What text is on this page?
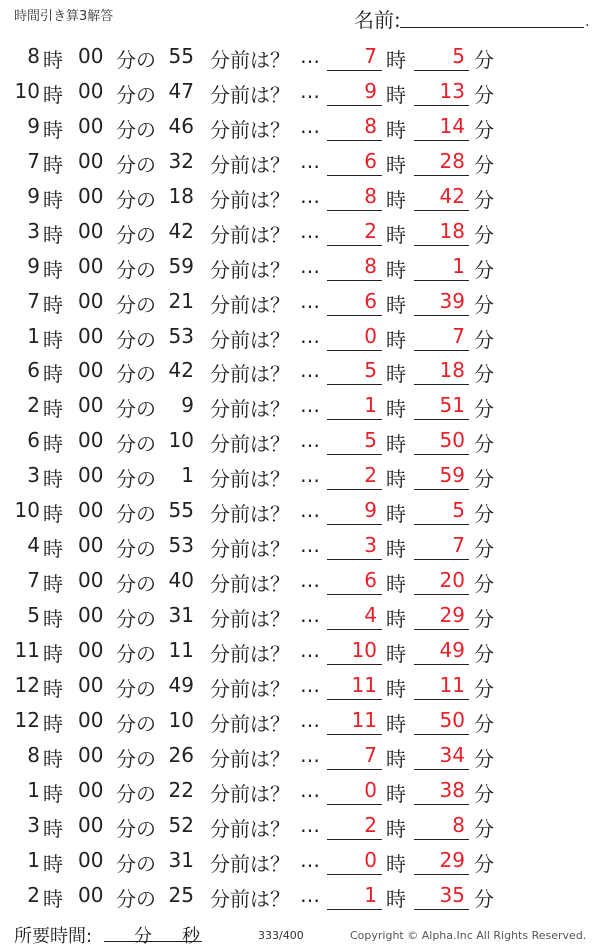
時間引き算3解答	名前:	.
8 時 00 分の 55 分前は？ …	7 時	5 分
10 時 00 分の 47 分前は？ …	9 時	13 分
9 時 00 分の 46 分前は？ …	8 時	14 分
7 時 00 分の 32 分前は？ …	6 時	28 分
9 時 00 分の 18 分前は？ …	8 時	42 分
3 時 00 分の 42 分前は？ …	2 時	18 分
9 時 00 分の 59 分前は？ …	8 時	1 分
7 時 00 分の 21 分前は？ …	6 時	39 分
1 時 00 分の 53 分前は？ …	0 時	7 分
6 時 00 分の 42 分前は？ …	5 時	18 分
2 時 00 分の	9 分前は？ …	1 時	51 分
6 時 00 分の 10 分前は？ …	5 時	50 分
3 時 00 分の	1 分前は？ …	2 時	59 分
10 時 00 分の 55 分前は？ …	9 時	5 分
4 時 00 分の 53 分前は？ …	3 時	7 分
7 時 00 分の 40 分前は？ …	6 時	20 分
5 時 00 分の 31 分前は？ …	4 時	29 分
11 時 00 分の 11 分前は？ …	10 時	49 分
12 時 00 分の 49 分前は？ …	11 時	11 分
12 時 00 分の 10 分前は？ …	11 時	50 分
8 時 00 分の 26 分前は？ …	7 時	34 分
1 時 00 分の 22 分前は？ …	0 時	38 分
3 時 00 分の 52 分前は？ …	2 時	8 分
1 時 00 分の 31 分前は？ …	0 時	29 分
2 時 00 分の 25 分前は？ …	1 時	35 分
所要時間: 分 秒	333/400	Copyright © Alpha.Inc All Rights Reserved.
